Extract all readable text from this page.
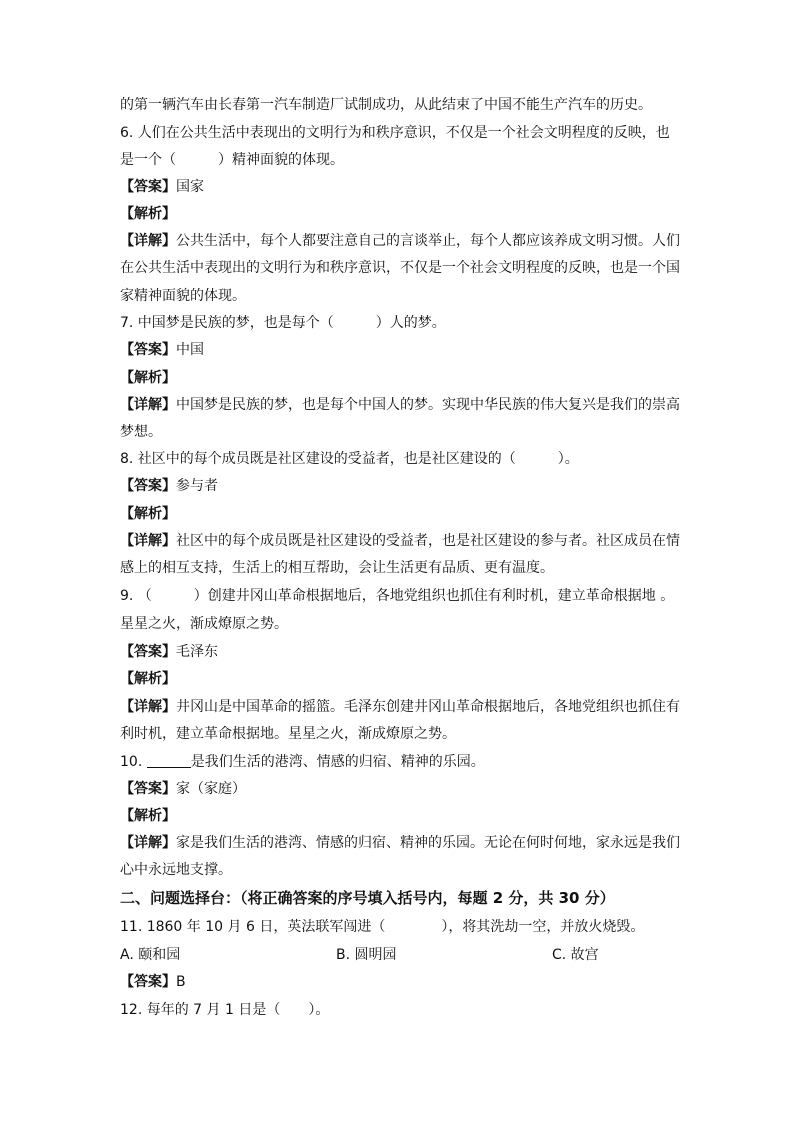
的第一辆汽车由长春第一汽车制造厂试制成功，从此结束了中国不能生产汽车的历史。
6. 人们在公共生活中表现出的文明行为和秩序意识，不仅是一个社会文明程度的反映，也
是一个（　　　）精神面貌的体现。
【答案】国家
【解析】
【详解】公共生活中，每个人都要注意自己的言谈举止，每个人都应该养成文明习惯。人们
在公共生活中表现出的文明行为和秩序意识，不仅是一个社会文明程度的反映，也是一个国
家精神面貌的体现。
7. 中国梦是民族的梦，也是每个（　　　）人的梦。
【答案】中国
【解析】
【详解】中国梦是民族的梦，也是每个中国人的梦。实现中华民族的伟大复兴是我们的崇高
梦想。
8. 社区中的每个成员既是社区建设的受益者，也是社区建设的（　　　）。
【答案】参与者
【解析】
【详解】社区中的每个成员既是社区建设的受益者，也是社区建设的参与者。社区成员在情
感上的相互支持，生活上的相互帮助，会让生活更有品质、更有温度。
9. （　　　）创建井冈山革命根据地后，各地党组织也抓住有利时机，建立革命根据地 。
星星之火，渐成燎原之势。
【答案】毛泽东
【解析】
【详解】井冈山是中国革命的摇篮。毛泽东创建井冈山革命根据地后，各地党组织也抓住有
利时机，建立革命根据地。星星之火，渐成燎原之势。
10.	是我们生活的港湾、情感的归宿、精神的乐园。
【答案】家（家庭）
【解析】
【详解】家是我们生活的港湾、情感的归宿、精神的乐园。无论在何时何地，家永远是我们
心中永远地支撑。
二、问题选择台：（将正确答案的序号填入括号内，每题 2 分，共 30 分）
11. 1860 年 10 月 6 日，英法联军闯进（　　　　），将其洗劫一空，并放火烧毁。
A. 颐和园	B. 圆明园	C. 故宫
【答案】B
12. 每年的 7 月 1 日是（　　）。
